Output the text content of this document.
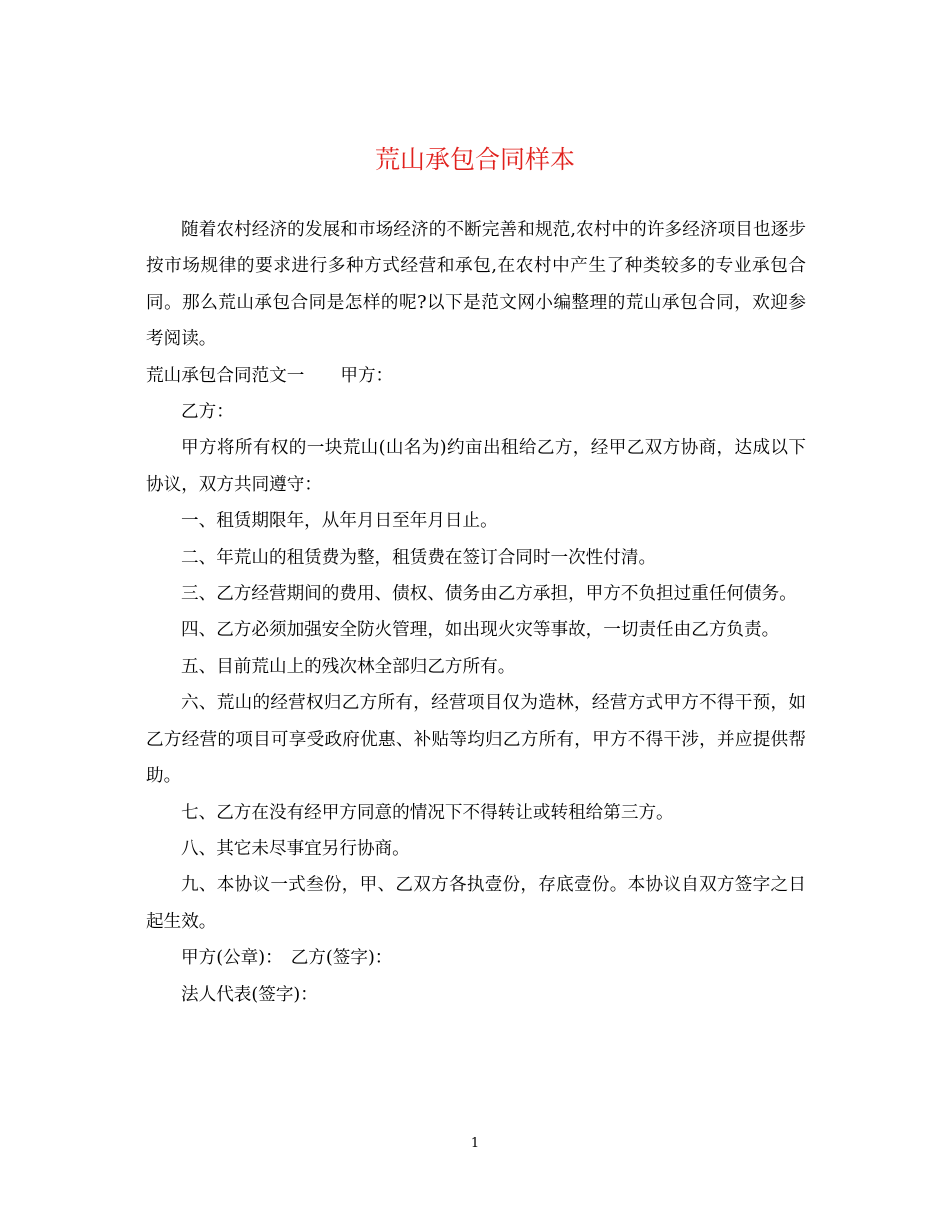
荒山承包合同样本

随着农村经济的发展和市场经济的不断完善和规范,农村中的许多经济项目也逐步按市场规律的要求进行多种方式经营和承包,在农村中产生了种类较多的专业承包合同。那么荒山承包合同是怎样的呢?以下是范文网小编整理的荒山承包合同，欢迎参考阅读。

荒山承包合同范文一 甲方：

乙方：

甲方将所有权的一块荒山(山名为)约亩出租给乙方，经甲乙双方协商，达成以下协议，双方共同遵守：

一、租赁期限年，从年月日至年月日止。

二、年荒山的租赁费为整，租赁费在签订合同时一次性付清。

三、乙方经营期间的费用、债权、债务由乙方承担，甲方不负担过重任何债务。

四、乙方必须加强安全防火管理，如出现火灾等事故，一切责任由乙方负责。

五、目前荒山上的残次林全部归乙方所有。

六、荒山的经营权归乙方所有，经营项目仅为造林，经营方式甲方不得干预，如乙方经营的项目可享受政府优惠、补贴等均归乙方所有，甲方不得干涉，并应提供帮助。

七、乙方在没有经甲方同意的情况下不得转让或转租给第三方。

八、其它未尽事宜另行协商。

九、本协议一式叁份，甲、乙双方各执壹份，存底壹份。本协议自双方签字之日起生效。

甲方(公章)： 乙方(签字)：

法人代表(签字)：

1
